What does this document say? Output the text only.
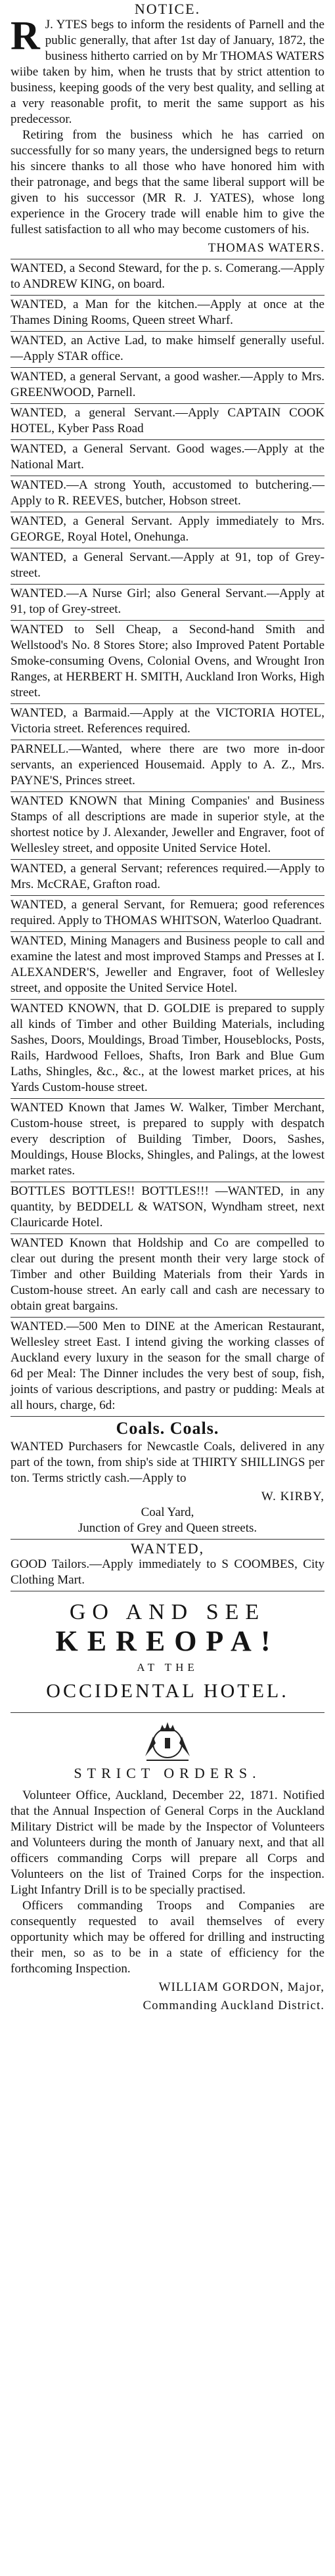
NOTICE.

R J. YTES begs to inform the residents of Parnell and the public generally, that after 1st day of January, 1872, the business hitherto carried on by Mr THOMAS WATERS wiibe taken by him, when he trusts that by strict attention to business, keeping goods of the very best quality, and selling at a very reasonable profit, to merit the same support as his predecessor.

Retiring from the business which he has carried on successfully for so many years, the undersigned begs to return his sincere thanks to all those who have honored him with their patronage, and begs that the same liberal support will be given to his successor (MR R. J. YATES), whose long experience in the Grocery trade will enable him to give the fullest satisfaction to all who may become customers of his.

THOMAS WATERS.

WANTED, a Second Steward, for the p. s. Comerang.—Apply to ANDREW KING, on board.

WANTED, a Man for the kitchen.—Apply at once at the Thames Dining Rooms, Queen street Wharf.

WANTED, an Active Lad, to make himself generally useful.—Apply STAR office.

WANTED, a general Servant, a good washer.—Apply to Mrs. GREENWOOD, Parnell.

WANTED, a general Servant.—Apply CAPTAIN COOK HOTEL, Kyber Pass Road

WANTED, a General Servant. Good wages.—Apply at the National Mart.

WANTED.—A strong Youth, accustomed to butchering.—Apply to R. REEVES, butcher, Hobson street.

WANTED, a General Servant. Apply immediately to Mrs. GEORGE, Royal Hotel, Onehunga.

WANTED, a General Servant.—Apply at 91, top of Grey-street.

WANTED.—A Nurse Girl; also General Servant.—Apply at 91, top of Grey-street.

WANTED to Sell Cheap, a Second-hand Smith and Wellstood's No. 8 Stores Store; also Improved Patent Portable Smoke-consuming Ovens, Colonial Ovens, and Wrought Iron Ranges, at HERBERT H. SMITH, Auckland Iron Works, High street.

WANTED, a Barmaid.—Apply at the VICTORIA HOTEL, Victoria street. References required.

PARNELL.—Wanted, where there are two more in-door servants, an experienced Housemaid. Apply to A. Z., Mrs. PAYNE'S, Princes street.

WANTED KNOWN that Mining Companies' and Business Stamps of all descriptions are made in superior style, at the shortest notice by J. Alexander, Jeweller and Engraver, foot of Wellesley street, and opposite United Service Hotel.

WANTED, a general Servant; references required.—Apply to Mrs. McCRAE, Grafton road.

WANTED, a general Servant, for Remuera; good references required. Apply to THOMAS WHITSON, Waterloo Quadrant.

WANTED, Mining Managers and Business people to call and examine the latest and most improved Stamps and Presses at I. ALEXANDER'S, Jeweller and Engraver, foot of Wellesley street, and opposite the United Service Hotel.

WANTED KNOWN, that D. GOLDIE is prepared to supply all kinds of Timber and other Building Materials, including Sashes, Doors, Mouldings, Broad Timber, Houseblocks, Posts, Rails, Hardwood Felloes, Shafts, Iron Bark and Blue Gum Laths, Shingles, &c., &c., at the lowest market prices, at his Yards Custom-house street.

WANTED Known that James W. Walker, Timber Merchant, Custom-house street, is prepared to supply with despatch every description of Building Timber, Doors, Sashes, Mouldings, House Blocks, Shingles, and Palings, at the lowest market rates.

BOTTLES BOTTLES!! BOTTLES!!! —WANTED, in any quantity, by BEDDELL & WATSON, Wyndham street, next Clauricarde Hotel.

WANTED Known that Holdship and Co are compelled to clear out during the present month their very large stock of Timber and other Building Materials from their Yards in Custom-house street. An early call and cash are necessary to obtain great bargains.

WANTED.—500 Men to DINE at the American Restaurant, Wellesley street East. I intend giving the working classes of Auckland every luxury in the season for the small charge of 6d per Meal: The Dinner includes the very best of soup, fish, joints of various descriptions, and pastry or pudding: Meals at all hours, charge, 6d:

Coals. Coals.

WANTED Purchasers for Newcastle Coals, delivered in any part of the town, from ship's side at THIRTY SHILLINGS per ton. Terms strictly cash.—Apply to

W. KIRBY,

Coal Yard,

Junction of Grey and Queen streets.

WANTED,

GOOD Tailors.—Apply immediately to S COOMBES, City Clothing Mart.

GO AND SEE

KEREOPA!

AT THE

OCCIDENTAL HOTEL.

STRICT ORDERS.

Volunteer Office, Auckland, December 22, 1871. Notified that the Annual Inspection of General Corps in the Auckland Military District will be made by the Inspector of Volunteers and Volunteers during the month of January next, and that all officers commanding Corps will prepare all Corps and Volunteers on the list of Trained Corps for the inspection. Light Infantry Drill is to be specially practised.

Officers commanding Troops and Companies are consequently requested to avail themselves of every opportunity which may be offered for drilling and instructing their men, so as to be in a state of efficiency for the forthcoming Inspection.

WILLIAM GORDON, Major,

Commanding Auckland District.
